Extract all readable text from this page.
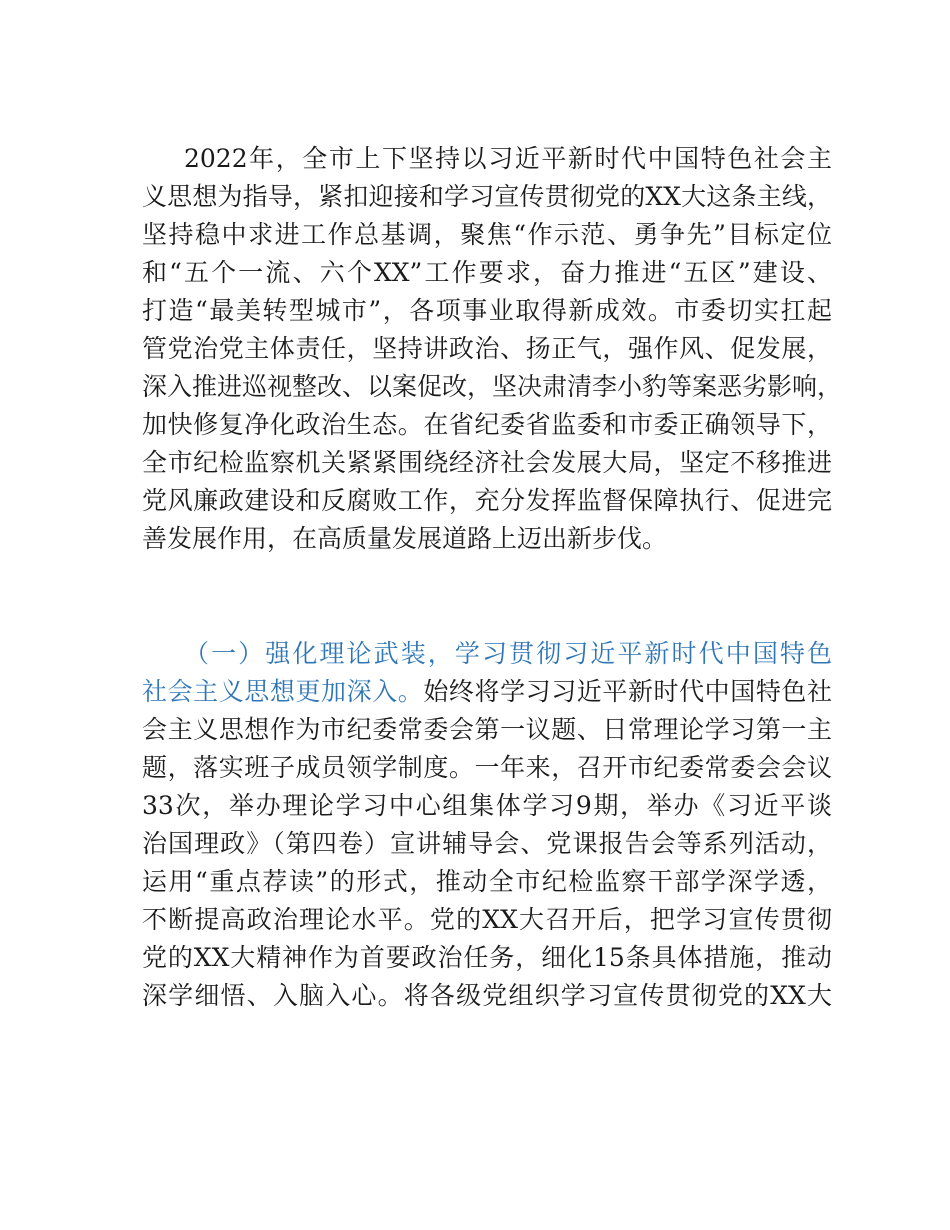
2022年，全市上下坚持以习近平新时代中国特色社会主
义思想为指导，紧扣迎接和学习宣传贯彻党的XX大这条主线，
坚持稳中求进工作总基调，聚焦“作示范、勇争先”目标定位
和“五个一流、六个XX”工作要求，奋力推进“五区”建设、
打造“最美转型城市”，各项事业取得新成效。市委切实扛起
管党治党主体责任，坚持讲政治、扬正气，强作风、促发展，
深入推进巡视整改、以案促改，坚决肃清李小豹等案恶劣影响，
加快修复净化政治生态。在省纪委省监委和市委正确领导下，
全市纪检监察机关紧紧围绕经济社会发展大局，坚定不移推进
党风廉政建设和反腐败工作，充分发挥监督保障执行、促进完
善发展作用，在高质量发展道路上迈出新步伐。
（一）强化理论武装，学习贯彻习近平新时代中国特色
社会主义思想更加深入。始终将学习习近平新时代中国特色社
会主义思想作为市纪委常委会第一议题、日常理论学习第一主
题，落实班子成员领学制度。一年来，召开市纪委常委会会议
33次，举办理论学习中心组集体学习9期，举办《习近平谈
治国理政》（第四卷）宣讲辅导会、党课报告会等系列活动，
运用“重点荐读”的形式，推动全市纪检监察干部学深学透，
不断提高政治理论水平。党的XX大召开后，把学习宣传贯彻
党的XX大精神作为首要政治任务，细化15条具体措施，推动
深学细悟、入脑入心。将各级党组织学习宣传贯彻党的XX大
